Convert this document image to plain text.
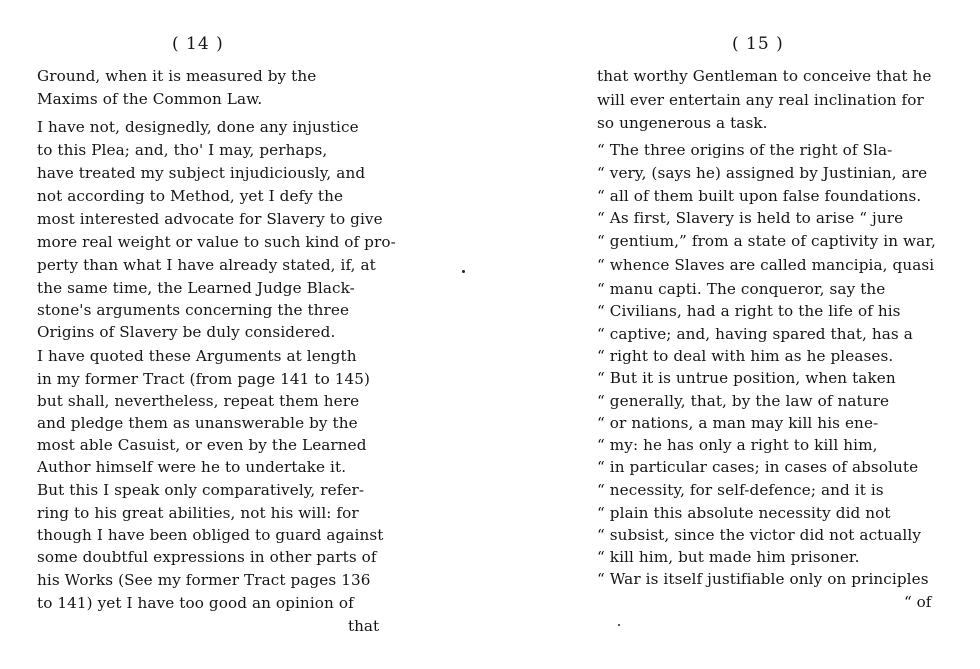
( 14 )
Ground, when it is measured by the
Maxims of the Common Law.
I have not, designedly, done any injustice
to this Plea; and, tho' I may, perhaps,
have treated my subject injudiciously, and
not according to Method, yet I defy the
most interested advocate for Slavery to give
more real weight or value to such kind of pro-
perty than what I have already stated, if, at
the same time, the Learned Judge Black-
stone's arguments concerning the three
Origins of Slavery be duly considered.
I have quoted these Arguments at length
in my former Tract (from page 141 to 145)
but shall, nevertheless, repeat them here
and pledge them as unanswerable by the
most able Casuist, or even by the Learned
Author himself were he to undertake it.
But this I speak only comparatively, refer-
ring to his great abilities, not his will: for
though I have been obliged to guard against
some doubtful expressions in other parts of
his Works (See my former Tract pages 136
to 141) yet I have too good an opinion of
that
( 15 )
that worthy Gentleman to conceive that he
will ever entertain any real inclination for
so ungenerous a task.
“ The three origins of the right of Sla-
“ very, (says he) assigned by Justinian, are
“ all of them built upon false foundations.
“ As first, Slavery is held to arise “ jure
“ gentium,” from a state of captivity in war,
“ whence Slaves are called mancipia, quasi
“ manu capti. The conqueror, say the
“ Civilians, had a right to the life of his
“ captive; and, having spared that, has a
“ right to deal with him as he pleases.
“ But it is untrue position, when taken
“ generally, that, by the law of nature
“ or nations, a man may kill his ene-
“ my: he has only a right to kill him,
“ in particular cases; in cases of absolute
“ necessity, for self-defence; and it is
“ plain this absolute necessity did not
“ subsist, since the victor did not actually
“ kill him, but made him prisoner.
“ War is itself justifiable only on principles
“ of
